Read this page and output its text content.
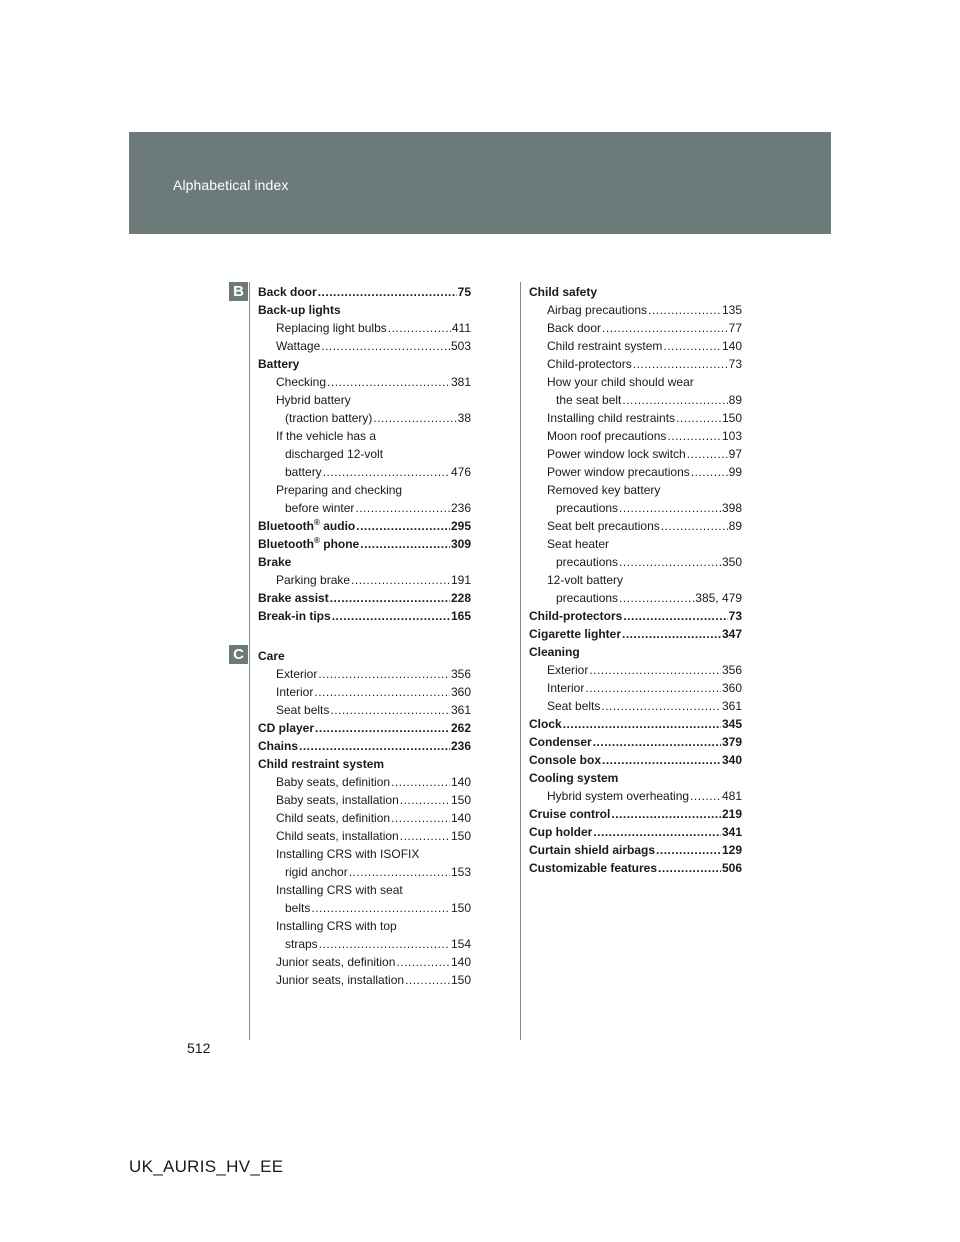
Alphabetical index
B
C
Back door .....	75
Back-up lights
Replacing light bulbs .....	411
Wattage .....	503
Battery
Checking .....	381
Hybrid battery
(traction battery) .....	38
If the vehicle has a
discharged 12-volt
battery .....	476
Preparing and checking
before winter .....	236
Bluetooth® audio .....	295
Bluetooth® phone .....	309
Brake
Parking brake .....	191
Brake assist .....	228
Break-in tips .....	165
Care
Exterior .....	356
Interior .....	360
Seat belts .....	361
CD player .....	262
Chains .....	236
Child restraint system
Baby seats, definition .....	140
Baby seats, installation .....	150
Child seats, definition .....	140
Child seats, installation .....	150
Installing CRS with ISOFIX
rigid anchor .....	153
Installing CRS with seat
belts .....	150
Installing CRS with top
straps .....	154
Junior seats, definition .....	140
Junior seats, installation .....	150
Child safety
Airbag precautions .....	135
Back door .....	77
Child restraint system .....	140
Child-protectors .....	73
How your child should wear
the seat belt .....	89
Installing child restraints .....	150
Moon roof precautions .....	103
Power window lock switch .....	97
Power window precautions .....	99
Removed key battery
precautions .....	398
Seat belt precautions .....	89
Seat heater
precautions .....	350
12-volt battery
precautions .....	385, 479
Child-protectors .....	73
Cigarette lighter .....	347
Cleaning
Exterior .....	356
Interior .....	360
Seat belts .....	361
Clock .....	345
Condenser .....	379
Console box .....	340
Cooling system
Hybrid system overheating .....	481
Cruise control .....	219
Cup holder .....	341
Curtain shield airbags .....	129
Customizable features .....	506
512
UK_AURIS_HV_EE
